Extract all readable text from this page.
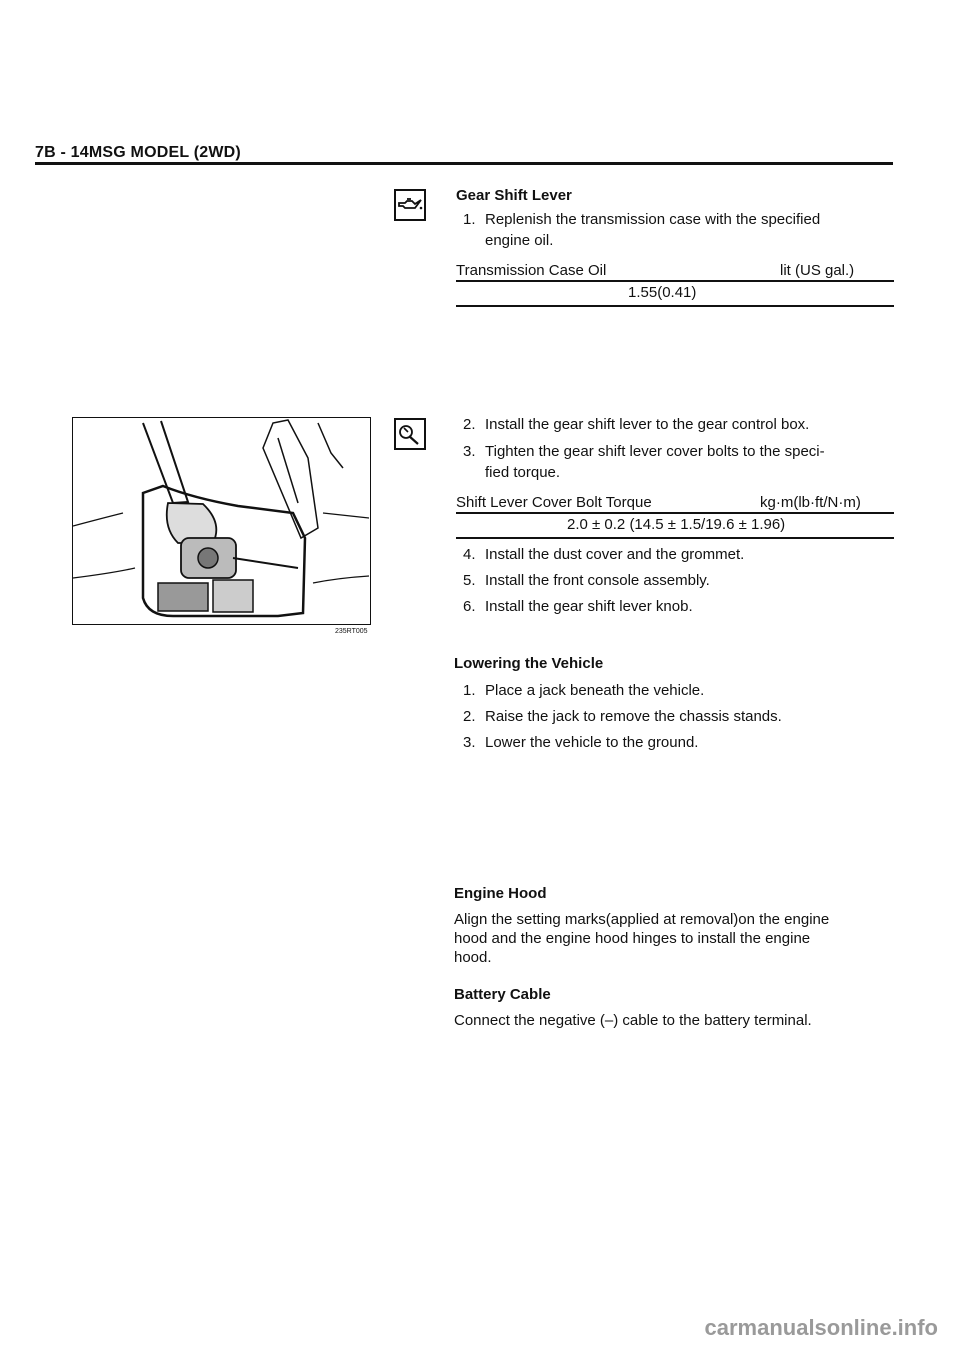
7B - 14MSG MODEL (2WD)
Gear Shift Lever
1. Replenish the transmission case with the specified
engine oil.
Transmission Case Oil	lit (US gal.)
1.55(0.41)
235RT005
2. Install the gear shift lever to the gear control box.
3. Tighten the gear shift lever cover bolts to the speci-
fied torque.
Shift Lever Cover Bolt Torque	kg·m(lb·ft/N·m)
2.0 ± 0.2 (14.5 ± 1.5/19.6 ± 1.96)
4. Install the dust cover and the grommet.
5. Install the front console assembly.
6. Install the gear shift lever knob.
Lowering the Vehicle
1. Place a jack beneath the vehicle.
2. Raise the jack to remove the chassis stands.
3. Lower the vehicle to the ground.
Engine Hood
Align the setting marks(applied at removal)on the engine
hood and the engine hood hinges to install the engine
hood.
Battery Cable
Connect the negative (–) cable to the battery terminal.
carmanualsonline.info
